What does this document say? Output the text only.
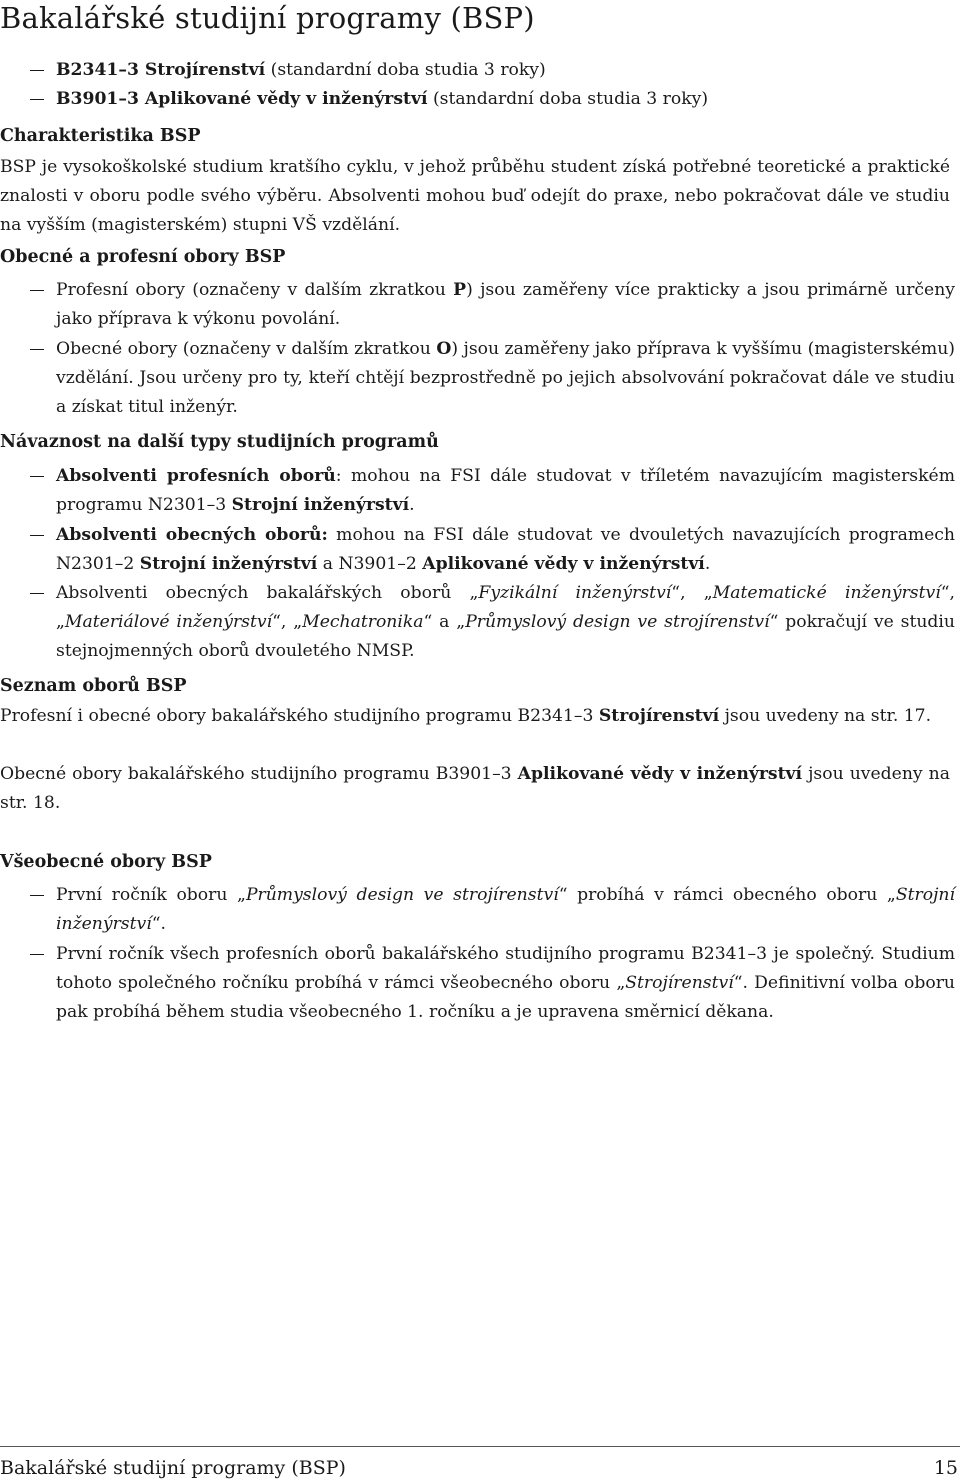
Bakalářské studijní programy (BSP)
B2341–3 Strojírenství (standardní doba studia 3 roky)
B3901–3 Aplikované vědy v inženýrství (standardní doba studia 3 roky)
Charakteristika BSP
BSP je vysokoškolské studium kratšího cyklu, v jehož průběhu student získá potřebné teoretické a praktické znalosti v oboru podle svého výběru. Absolventi mohou buď odejít do praxe, nebo pokračovat dále ve studiu na vyšším (magisterském) stupni VŠ vzdělání.
Obecné a profesní obory BSP
Profesní obory (označeny v dalším zkratkou P) jsou zaměřeny více prakticky a jsou primárně určeny jako příprava k výkonu povolání.
Obecné obory (označeny v dalším zkratkou O) jsou zaměřeny jako příprava k vyššímu (magisterskému) vzdělání. Jsou určeny pro ty, kteří chtějí bezprostředně po jejich absolvování pokračovat dále ve studiu a získat titul inženýr.
Návaznost na další typy studijních programů
Absolventi profesních oborů: mohou na FSI dále studovat v tříletém navazujícím magisterském programu N2301–3 Strojní inženýrství.
Absolventi obecných oborů: mohou na FSI dále studovat ve dvouletých navazujících programech N2301–2 Strojní inženýrství a N3901–2 Aplikované vědy v inženýrství.
Absolventi obecných bakalářských oborů „Fyzikální inženýrství“, „Matematické inženýrství“, „Materiálové inženýrství“, „Mechatronika“ a „Průmyslový design ve strojírenství“ pokračují ve studiu stejnojmenných oborů dvouletého NMSP.
Seznam oborů BSP
Profesní i obecné obory bakalářského studijního programu B2341–3 Strojírenství jsou uvedeny na str. 17.
Obecné obory bakalářského studijního programu B3901–3 Aplikované vědy v inženýrství jsou uvedeny na str. 18.
Všeobecné obory BSP
První ročník oboru „Průmyslový design ve strojírenství“ probíhá v rámci obecného oboru „Strojní inženýrství“.
První ročník všech profesních oborů bakalářského studijního programu B2341–3 je společný. Studium tohoto společného ročníku probíhá v rámci všeobecného oboru „Strojírenství“. Definitivní volba oboru pak probíhá během studia všeobecného 1. ročníku a je upravena směrnicí děkana.
Bakalářské studijní programy (BSP)	15
